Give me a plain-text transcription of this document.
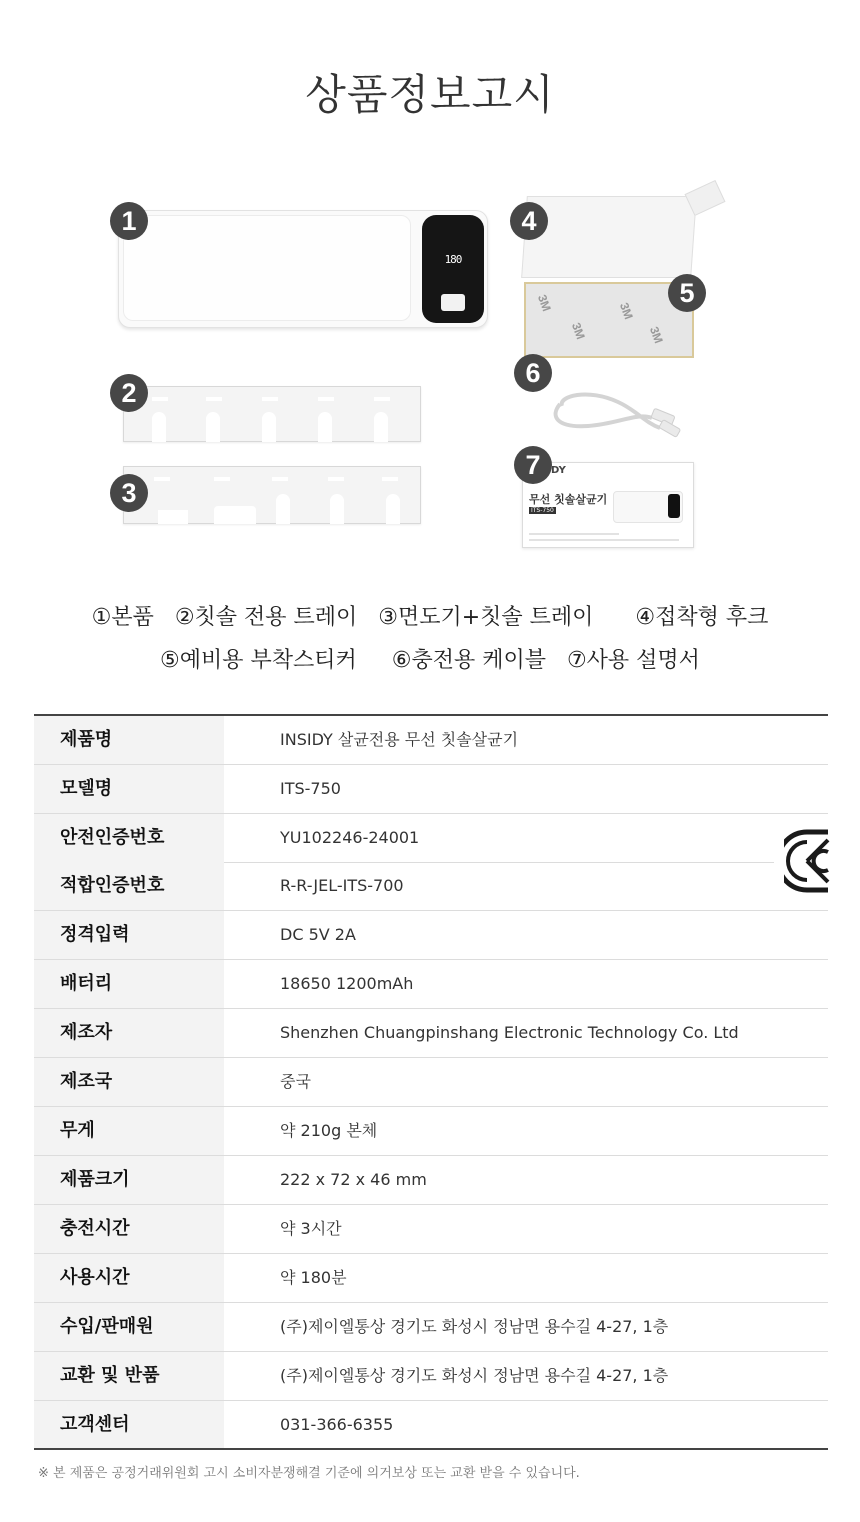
상품정보고시
180
1
2
3
4
3M
3M
3M
3M
5
6
DY

무선 칫솔살균기
ITS-750
7
①본품   ②칫솔 전용 트레이   ③면도기+칫솔 트레이      ④접착형 후크
⑤예비용 부착스티커     ⑥충전용 케이블   ⑦사용 설명서
제품명	INSIDY 살균전용 무선 칫솔살균기
모델명	ITS-750
안전인증번호	YU102246-24001
적합인증번호	R-R-JEL-ITS-700
정격입력	DC 5V 2A
배터리	18650 1200mAh
제조자	Shenzhen Chuangpinshang Electronic Technology Co. Ltd
제조국	중국
무게	약 210g 본체
제품크기	222 x 72 x 46 mm
충전시간	약 3시간
사용시간	약 180분
수입/판매원	(주)제이엘통상 경기도 화성시 정남면 용수길 4-27, 1층
교환 및 반품	(주)제이엘통상 경기도 화성시 정남면 용수길 4-27, 1층
고객센터	031-366-6355
※ 본 제품은 공정거래위원회 고시 소비자분쟁해결 기준에 의거보상 또는 교환 받을 수 있습니다.
